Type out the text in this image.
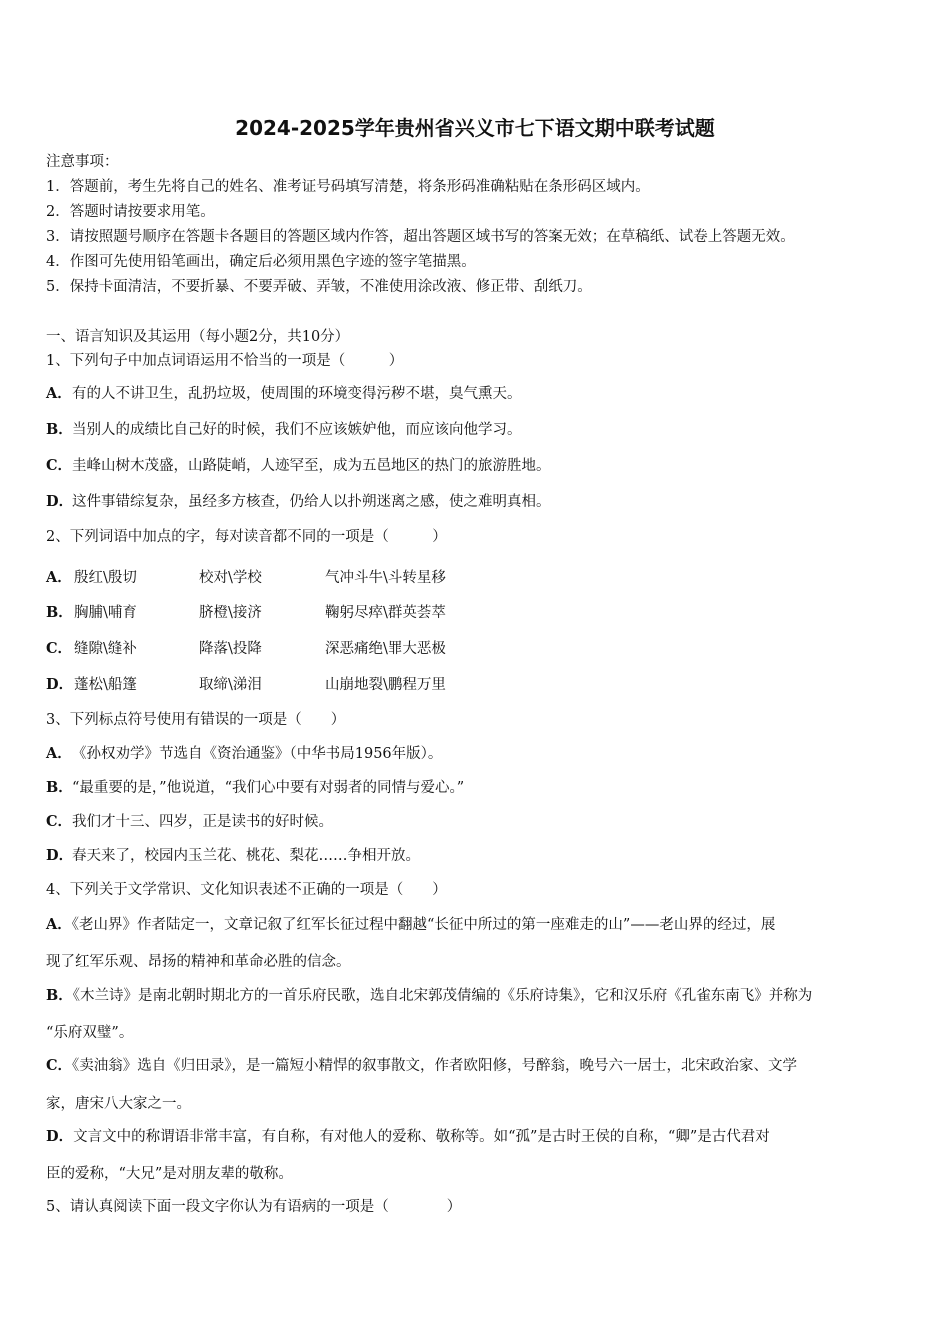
2024-2025学年贵州省兴义市七下语文期中联考试题
注意事项：
1．答题前，考生先将自己的姓名、准考证号码填写清楚，将条形码准确粘贴在条形码区域内。
2．答题时请按要求用笔。
3．请按照题号顺序在答题卡各题目的答题区域内作答，超出答题区域书写的答案无效；在草稿纸、试卷上答题无效。
4．作图可先使用铅笔画出，确定后必须用黑色字迹的签字笔描黑。
5．保持卡面清洁，不要折暴、不要弄破、弄皱，不准使用涂改液、修正带、刮纸刀。
一、语言知识及其运用（每小题2分，共10分）
1、下列句子中加点词语运用不恰当的一项是（　　　）
A．有的人不讲卫生，乱扔垃圾，使周围的环境变得污秽不堪，臭气熏天。
B．当别人的成绩比自己好的时候，我们不应该嫉妒他，而应该向他学习。
C．圭峰山树木茂盛，山路陡峭，人迹罕至，成为五邑地区的热门的旅游胜地。
D．这件事错综复杂，虽经多方核查，仍给人以扑朔迷离之感，使之难明真相。
2、下列词语中加点的字，每对读音都不同的一项是（　　　）
A． 殷红\殷切	校对\学校	气冲斗牛\斗转星移
B． 胸脯\哺育	脐橙\接济	鞠躬尽瘁\群英荟萃
C． 缝隙\缝补	降落\投降	深恶痛绝\罪大恶极
D． 蓬松\船篷	取缔\涕泪	山崩地裂\鹏程万里
3、下列标点符号使用有错误的一项是（　　）
A．《孙权劝学》节选自《资治通鉴》（中华书局1956年版）。
B．“最重要的是，”他说道，“我们心中要有对弱者的同情与爱心。”
C．我们才十三、四岁，正是读书的好时候。
D．春天来了，校园内玉兰花、桃花、梨花……争相开放。
4、下列关于文学常识、文化知识表述不正确的一项是（　　）
A．《老山界》作者陆定一，文章记叙了红军长征过程中翻越“长征中所过的第一座难走的山”——老山界的经过，展
现了红军乐观、昂扬的精神和革命必胜的信念。
B．《木兰诗》是南北朝时期北方的一首乐府民歌，选自北宋郭茂倩编的《乐府诗集》，它和汉乐府《孔雀东南飞》并称为
“乐府双璧”。
C．《卖油翁》选自《归田录》，是一篇短小精悍的叙事散文，作者欧阳修，号醉翁，晚号六一居士，北宋政治家、文学
家，唐宋八大家之一。
D．文言文中的称谓语非常丰富，有自称，有对他人的爱称、敬称等。如“孤”是古时王侯的自称，“卿”是古代君对
臣的爱称，“大兄”是对朋友辈的敬称。
5、请认真阅读下面一段文字你认为有语病的一项是（　　　　）
